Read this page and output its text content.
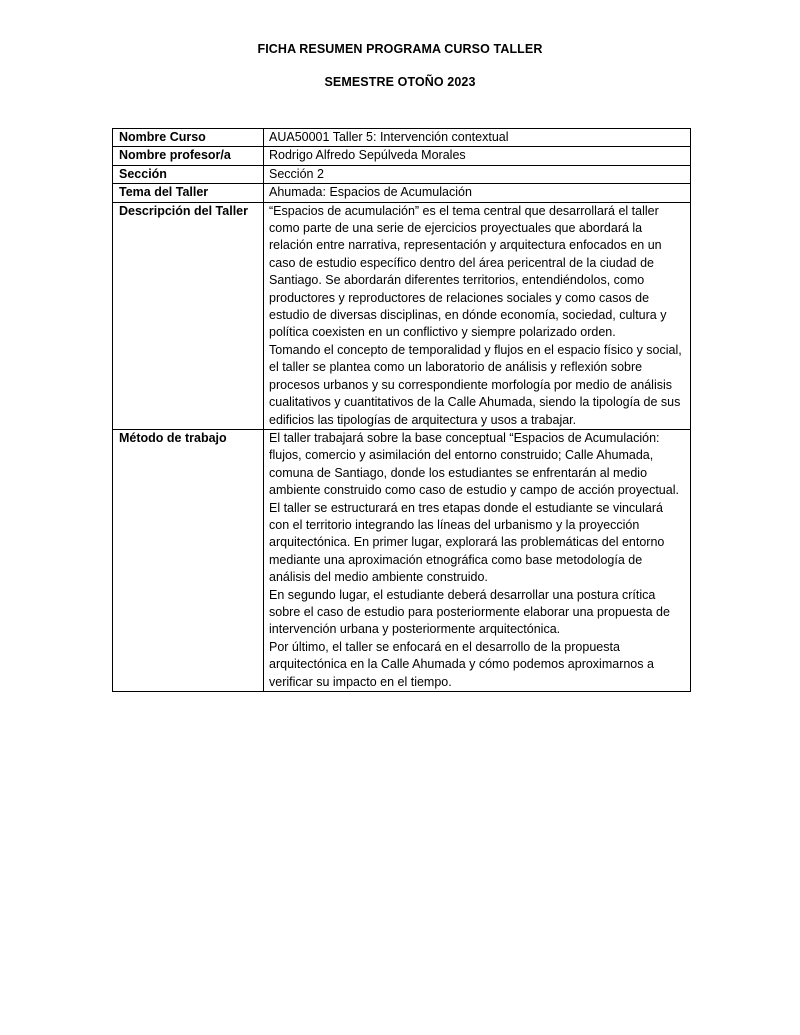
FICHA RESUMEN PROGRAMA CURSO TALLER
SEMESTRE OTOÑO 2023
Nombre Curso	AUA50001 Taller 5: Intervención contextual
Nombre profesor/a	Rodrigo Alfredo Sepúlveda Morales
Sección	Sección 2
Tema del Taller	Ahumada: Espacios de Acumulación
Descripción del Taller	“Espacios de acumulación” es el tema central que desarrollará el taller como parte de una serie de ejercicios proyectuales que abordará la relación entre narrativa, representación y arquitectura enfocados en un caso de estudio específico dentro del área pericentral de la ciudad de Santiago. Se abordarán diferentes territorios, entendiéndolos, como productores y reproductores de relaciones sociales y como casos de estudio de diversas disciplinas, en dónde economía, sociedad, cultura y política coexisten en un conflictivo y siempre polarizado orden.
Tomando el concepto de temporalidad y flujos en el espacio físico y social, el taller se plantea como un laboratorio de análisis y reflexión sobre procesos urbanos y su correspondiente morfología por medio de análisis cualitativos y cuantitativos de la Calle Ahumada, siendo la tipología de sus edificios las tipologías de arquitectura y usos a trabajar.

Método de trabajo	El taller trabajará sobre la base conceptual “Espacios de Acumulación: flujos, comercio y asimilación del entorno construido; Calle Ahumada, comuna de Santiago, donde los estudiantes se enfrentarán al medio ambiente construido como caso de estudio y campo de acción proyectual.
El taller se estructurará en tres etapas donde el estudiante se vinculará con el territorio integrando las líneas del urbanismo y la proyección arquitectónica. En primer lugar, explorará las problemáticas del entorno mediante una aproximación etnográfica como base metodología de análisis del medio ambiente construido.
En segundo lugar, el estudiante deberá desarrollar una postura crítica sobre el caso de estudio para posteriormente elaborar una propuesta de intervención urbana y posteriormente arquitectónica.
Por último, el taller se enfocará en el desarrollo de la propuesta arquitectónica en la Calle Ahumada y cómo podemos aproximarnos a verificar su impacto en el tiempo.
